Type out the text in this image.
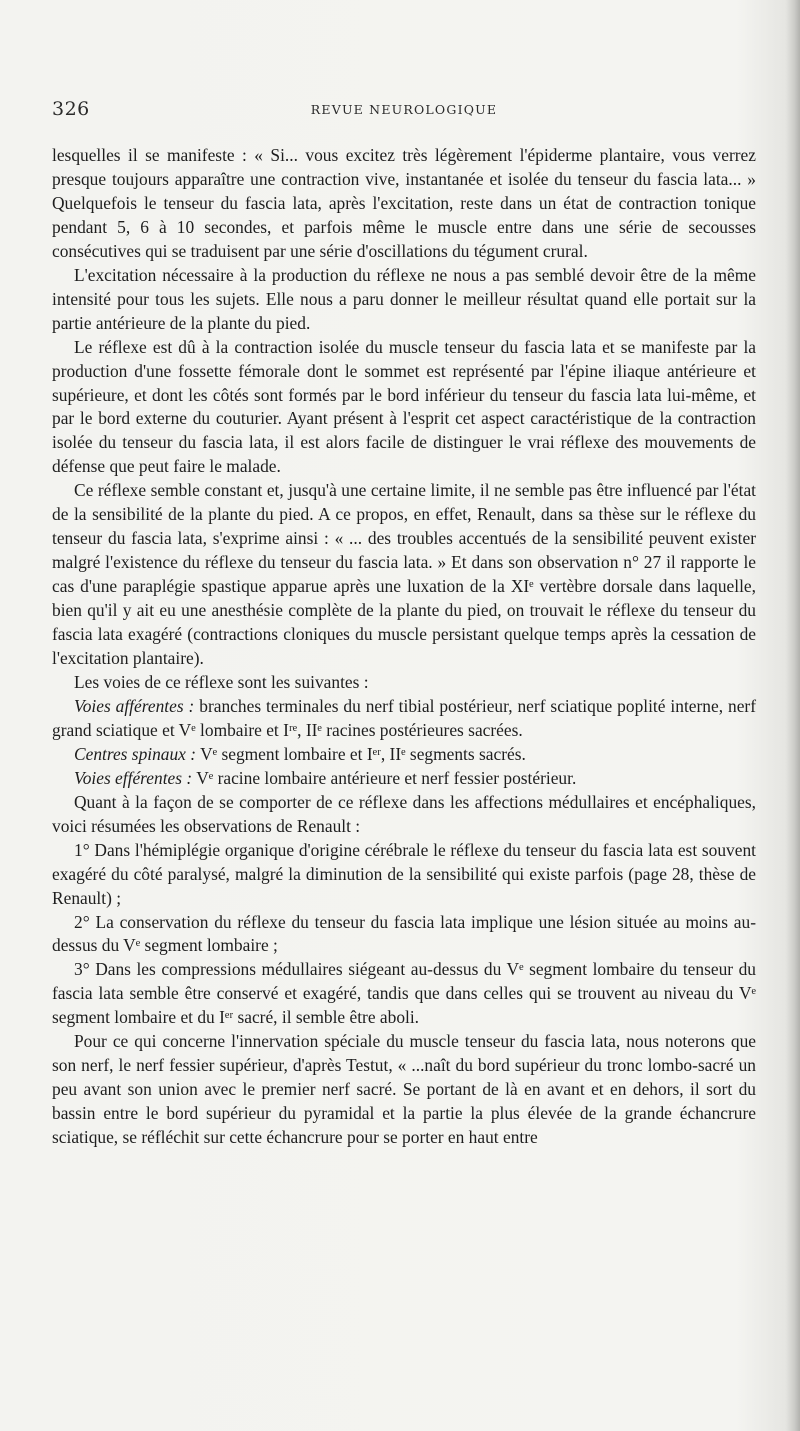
326	REVUE NEUROLOGIQUE

lesquelles il se manifeste : « Si... vous excitez très légèrement l'épiderme plantaire, vous verrez presque toujours apparaître une contraction vive, instantanée et isolée du tenseur du fascia lata... » Quelquefois le tenseur du fascia lata, après l'excitation, reste dans un état de contraction tonique pendant 5, 6 à 10 secondes, et parfois même le muscle entre dans une série de secousses consécutives qui se traduisent par une série d'oscillations du tégument crural.

L'excitation nécessaire à la production du réflexe ne nous a pas semblé devoir être de la même intensité pour tous les sujets. Elle nous a paru donner le meilleur résultat quand elle portait sur la partie antérieure de la plante du pied.

Le réflexe est dû à la contraction isolée du muscle tenseur du fascia lata et se manifeste par la production d'une fossette fémorale dont le sommet est représenté par l'épine iliaque antérieure et supérieure, et dont les côtés sont formés par le bord inférieur du tenseur du fascia lata lui-même, et par le bord externe du couturier. Ayant présent à l'esprit cet aspect caractéristique de la contraction isolée du tenseur du fascia lata, il est alors facile de distinguer le vrai réflexe des mouvements de défense que peut faire le malade.

Ce réflexe semble constant et, jusqu'à une certaine limite, il ne semble pas être influencé par l'état de la sensibilité de la plante du pied. A ce propos, en effet, Renault, dans sa thèse sur le réflexe du tenseur du fascia lata, s'exprime ainsi : « ... des troubles accentués de la sensibilité peuvent exister malgré l'existence du réflexe du tenseur du fascia lata. » Et dans son observation n° 27 il rapporte le cas d'une paraplégie spastique apparue après une luxation de la XIᵉ vertèbre dorsale dans laquelle, bien qu'il y ait eu une anesthésie complète de la plante du pied, on trouvait le réflexe du tenseur du fascia lata exagéré (contractions cloniques du muscle persistant quelque temps après la cessation de l'excitation plantaire).

Les voies de ce réflexe sont les suivantes :

Voies afférentes : branches terminales du nerf tibial postérieur, nerf sciatique poplité interne, nerf grand sciatique et Vᵉ lombaire et Iʳᵉ, IIᵉ racines postérieures sacrées.

Centres spinaux : Vᵉ segment lombaire et Iᵉʳ, IIᵉ segments sacrés.

Voies efférentes : Vᵉ racine lombaire antérieure et nerf fessier postérieur.

Quant à la façon de se comporter de ce réflexe dans les affections médullaires et encéphaliques, voici résumées les observations de Renault :

1° Dans l'hémiplégie organique d'origine cérébrale le réflexe du tenseur du fascia lata est souvent exagéré du côté paralysé, malgré la diminution de la sensibilité qui existe parfois (page 28, thèse de Renault) ;

2° La conservation du réflexe du tenseur du fascia lata implique une lésion située au moins au-dessus du Vᵉ segment lombaire ;

3° Dans les compressions médullaires siégeant au-dessus du Vᵉ segment lombaire du tenseur du fascia lata semble être conservé et exagéré, tandis que dans celles qui se trouvent au niveau du Vᵉ segment lombaire et du Iᵉʳ sacré, il semble être aboli.

Pour ce qui concerne l'innervation spéciale du muscle tenseur du fascia lata, nous noterons que son nerf, le nerf fessier supérieur, d'après Testut, « ...naît du bord supérieur du tronc lombo-sacré un peu avant son union avec le premier nerf sacré. Se portant de là en avant et en dehors, il sort du bassin entre le bord supérieur du pyramidal et la partie la plus élevée de la grande échancrure sciatique, se réfléchit sur cette échancrure pour se porter en haut entre
